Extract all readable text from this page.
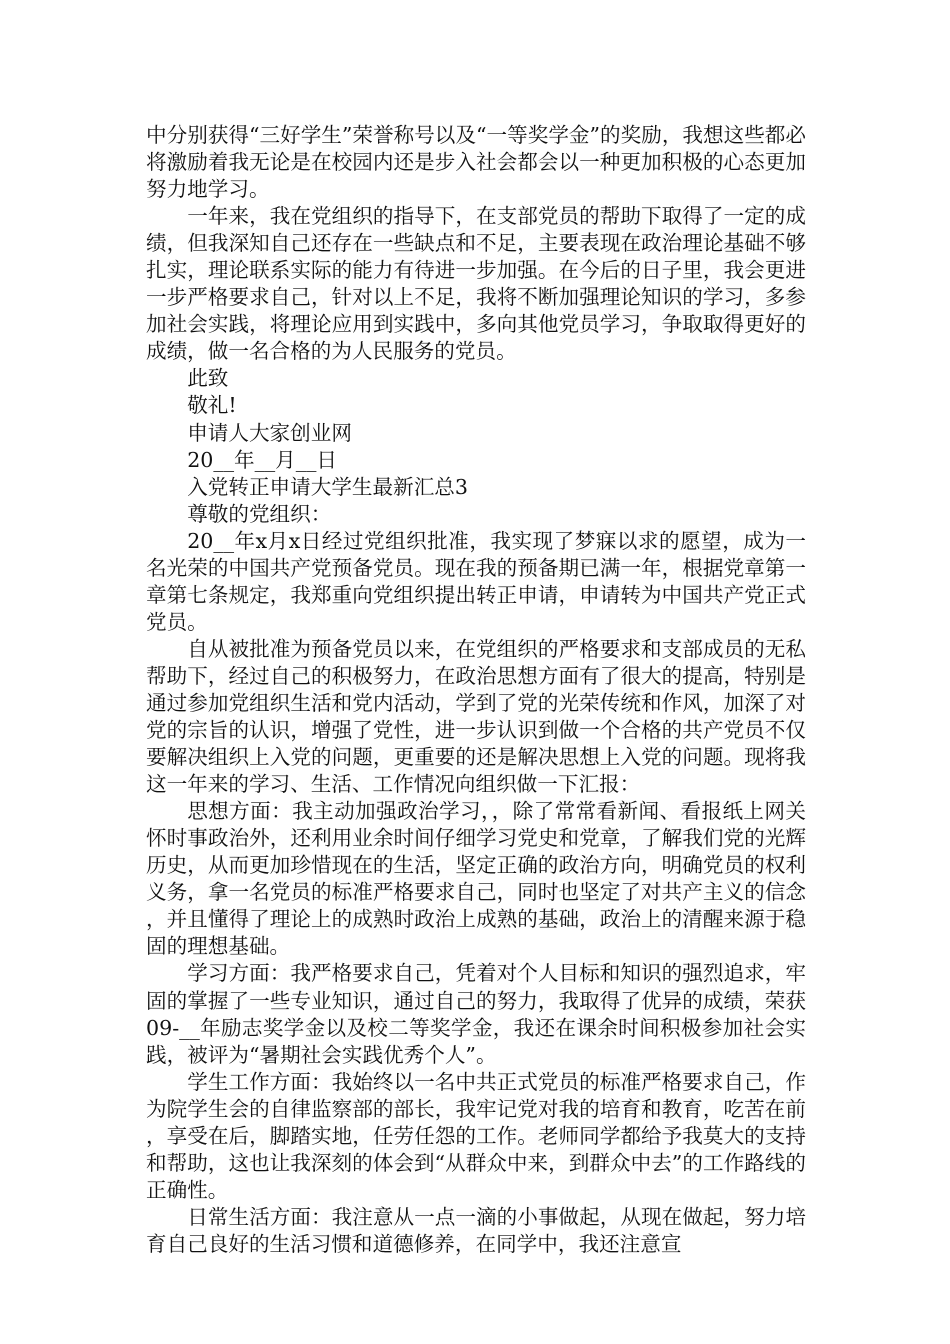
中分别获得“三好学生”荣誉称号以及“一等奖学金”的奖励，我想这些都必将激励着我无论是在校园内还是步入社会都会以一种更加积极的心态更加努力地学习。

一年来，我在党组织的指导下，在支部党员的帮助下取得了一定的成绩，但我深知自己还存在一些缺点和不足，主要表现在政治理论基础不够扎实，理论联系实际的能力有待进一步加强。在今后的日子里，我会更进一步严格要求自己，针对以上不足，我将不断加强理论知识的学习，多参加社会实践，将理论应用到实践中，多向其他党员学习，争取取得更好的成绩，做一名合格的为人民服务的党员。

此致

敬礼!

申请人大家创业网

20__年__月__日

入党转正申请大学生最新汇总3

尊敬的党组织：

20__年x月x日经过党组织批准，我实现了梦寐以求的愿望，成为一名光荣的中国共产党预备党员。现在我的预备期已满一年，根据党章第一章第七条规定，我郑重向党组织提出转正申请，申请转为中国共产党正式党员。

自从被批准为预备党员以来，在党组织的严格要求和支部成员的无私帮助下，经过自己的积极努力，在政治思想方面有了很大的提高，特别是通过参加党组织生活和党内活动，学到了党的光荣传统和作风，加深了对党的宗旨的认识，增强了党性，进一步认识到做一个合格的共产党员不仅要解决组织上入党的问题，更重要的还是解决思想上入党的问题。现将我这一年来的学习、生活、工作情况向组织做一下汇报：

思想方面：我主动加强政治学习，，除了常常看新闻、看报纸上网关怀时事政治外，还利用业余时间仔细学习党史和党章，了解我们党的光辉历史，从而更加珍惜现在的生活，坚定正确的政治方向，明确党员的权利义务，拿一名党员的标准严格要求自己，同时也坚定了对共产主义的信念，并且懂得了理论上的成熟时政治上成熟的基础，政治上的清醒来源于稳固的理想基础。

学习方面：我严格要求自己，凭着对个人目标和知识的强烈追求，牢固的掌握了一些专业知识，通过自己的努力，我取得了优异的成绩，荣获09-__年励志奖学金以及校二等奖学金，我还在课余时间积极参加社会实践，被评为“暑期社会实践优秀个人”。

学生工作方面：我始终以一名中共正式党员的标准严格要求自己，作为院学生会的自律监察部的部长，我牢记党对我的培育和教育，吃苦在前，享受在后，脚踏实地，任劳任怨的工作。老师同学都给予我莫大的支持和帮助，这也让我深刻的体会到“从群众中来，到群众中去”的工作路线的正确性。

日常生活方面：我注意从一点一滴的小事做起，从现在做起，努力培育自己良好的生活习惯和道德修养，在同学中，我还注意宣
